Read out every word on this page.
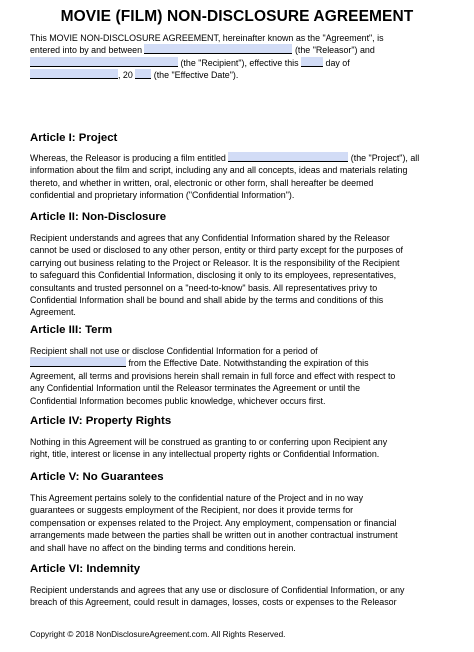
MOVIE (FILM) NON-DISCLOSURE AGREEMENT
This MOVIE NON-DISCLOSURE AGREEMENT, hereinafter known as the "Agreement", is
entered into by and between	(the "Releasor") and
(the "Recipient"), effective this	day of
, 20 (the "Effective Date").
Article I: Project
Whereas, the Releasor is producing a film entitled	(the "Project"), all
information about the film and script, including any and all concepts, ideas and materials relating
thereto, and whether in written, oral, electronic or other form, shall hereafter be deemed
confidential and proprietary information ("Confidential Information").
Article II: Non-Disclosure
Recipient understands and agrees that any Confidential Information shared by the Releasor
cannot be used or disclosed to any other person, entity or third party except for the purposes of
carrying out business relating to the Project or Releasor. It is the responsibility of the Recipient
to safeguard this Confidential Information, disclosing it only to its employees, representatives,
consultants and trusted personnel on a "need-to-know" basis. All representatives privy to
Confidential Information shall be bound and shall abide by the terms and conditions of this
Agreement.
Article III: Term
Recipient shall not use or disclose Confidential Information for a period of
from the Effective Date. Notwithstanding the expiration of this
Agreement, all terms and provisions herein shall remain in full force and effect with respect to
any Confidential Information until the Releasor terminates the Agreement or until the
Confidential Information becomes public knowledge, whichever occurs first.
Article IV: Property Rights
Nothing in this Agreement will be construed as granting to or conferring upon Recipient any
right, title, interest or license in any intellectual property rights or Confidential Information.
Article V: No Guarantees
This Agreement pertains solely to the confidential nature of the Project and in no way
guarantees or suggests employment of the Recipient, nor does it provide terms for
compensation or expenses related to the Project. Any employment, compensation or financial
arrangements made between the parties shall be written out in another contractual instrument
and shall have no affect on the binding terms and conditions herein.
Article VI: Indemnity
Recipient understands and agrees that any use or disclosure of Confidential Information, or any
breach of this Agreement, could result in damages, losses, costs or expenses to the Releasor
Copyright © 2018 NonDisclosureAgreement.com. All Rights Reserved.
